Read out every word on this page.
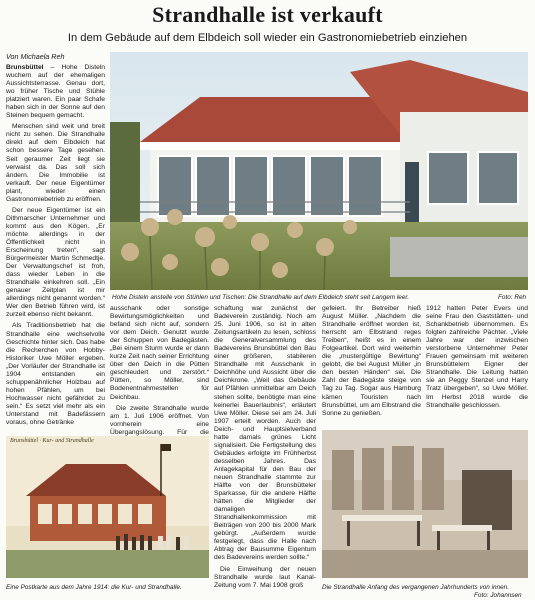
Strandhalle ist verkauft
In dem Gebäude auf dem Elbdeich soll wieder ein Gastronomiebetrieb einziehen
Von Michaela Reh

Brunsbüttel – Hohe Disteln wuchern auf der ehemaligen Aussichtsterrasse. Genau dort, wo früher Tische und Stühle platziert waren. Ein paar Schafe haben sich in der Sonne auf den Steinen bequem gemacht.

Menschen sind weit und breit nicht zu sehen. Die Strandhalle direkt auf dem Elbdeich hat schon bessere Tage gesehen. Seit geraumer Zeit liegt sie verwaist da. Das soll sich ändern. Die Immobilie ist verkauft. Der neue Eigentümer plant, wieder einen Gastronomiebetrieb zu eröffnen.

Der neue Eigentümer ist ein Dithmarscher Unternehmer und kommt aus den Kögen. „Er möchte allerdings in der Öffentlichkeit nicht in Erscheinung treten“, sagt Bürgermeister Martin Schmedtje. Der Verwaltungschef ist froh, dass wieder Leben in die Strandhalle einkehren soll. „Ein genauer Zeitplan ist mir allerdings nicht genannt worden.“ Wer den Betrieb führen wird, ist zurzeit ebenso nicht bekannt.

Als Traditionsbetrieb hat die Strandhalle eine wechselvolle Geschichte hinter sich. Das habe die Recherchen von Hobby-Historiker Uwe Möller ergeben. „Der Vorläufer der Strandhalle ist 1904 entstanden ein schuppenähnlicher Holzbau auf hohen Pfählen, um bei Hochwasser nicht gefährdet zu sein.“ Es setzt viel mehr als ein Unterstand mit Badefässern voraus, ohne Getränke

Hohe Disteln anstelle von Stühlen und Tischen: Die Strandhalle auf dem Elbdeich steht seit Langem leer.	Foto: Reh

ausschank oder sonstige Bewirtungsmöglichkeiten und befand sich nicht auf, sondern vor dem Deich. Genutzt wurde der Schuppen von Badegästen. „Bei einem Sturm wurde er dann kurze Zeit nach seiner Errichtung über den Deich in die Pütten geschleudert und zerstört.“ Pütten, so Möller, sind Bodenentnahmestellen für Deichbau.

Die zweite Strandhalle wurde am 1. Juli 1906 eröffnet. Von vornherein eine Übergangslösung. Für die

schaftung war zunächst der Badeverein zuständig. Noch am 25. Juni 1906, so ist in alten Zeitungsartikeln zu lesen, schloss die Generalversammlung des Badevereins Brunsbüttel den Bau einer größeren, stabileren Strandhalle mit Ausschank in Deichhöhe und Aussicht über die Deichkrone. „Weil das Gebäude auf Pfählen unmittelbar am Deich stehen sollte, benötigte man eine keinerlei Bauerlaubnis“, erläutert Uwe Möller. Diese sei am 24. Juli 1907 erteilt worden. Auch der Deich- und Hauptsielverband hatte damals grünes Licht signalisiert. Die Fertigstellung des Gebäudes erfolgte im Frühherbst desselben Jahres. Das Anlagekapital für den Bau der neuen Strandhalle stammte zur Hälfte von der Brunsbütteler Sparkasse, für die andere Hälfte hätten die Mitglieder der damaligen Strandhallenkommission mit Beiträgen von 200 bis 2000 Mark gebürgt. „Außerdem wurde festgelegt, dass die Halle nach Abtrag der Bausumme Eigentum des Badevereins werden sollte.“

Die Einweihung der neuen Strandhalle wurde laut Kanal-Zeitung vom 7. Mai 1908 groß

gefeiert. Ihr Betreiber hieß August Müller. „Nachdem die Strandhalle eröffnet worden ist, herrscht am Elbstrand reges Treiben“, heißt es in einem Folgeartikel. Dort wird weiterhin die „mustergültige Bewirtung“ gelobt, die bei August Müller „in den besten Händen“ sei. Die Zahl der Badegäste steige von Tag zu Tag. Sogar aus Hamburg kämen Touristen nach Brunsbüttel, um am Elbstrand die Sonne zu genießen.

1912 hatten Peter Evers und seine Frau den Gaststätten- und Schankbetrieb übernommen. Es folgten zahlreiche Pächter. „Viele Jahre war der inzwischen verstorbene Unternehmer Peter Frauen gemeinsam mit weiteren Brunsbüttelern Eigner der Strandhalle. Die Leitung hatten sie an Peggy Stenzel und Harry Tratz übergeben“, so Uwe Möller. Im Herbst 2018 wurde die Strandhalle geschlossen.

Brunsbüttel · Kur- und Strandhalle
Eine Postkarte aus dem Jahre 1914: die Kur- und Strandhalle.	Die Strandhalle Anfang des vergangenen Jahrhunderts von innen.
Foto: Johannsen
